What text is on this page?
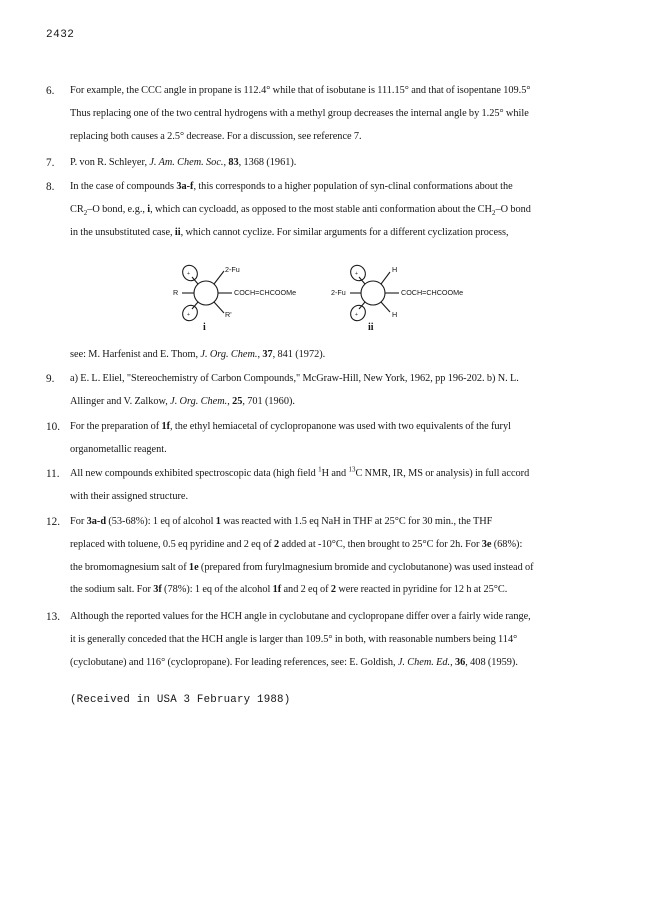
2432
6.	For example, the CCC angle in propane is 112.4° while that of isobutane is 111.15° and that of isopentane 109.5°
Thus replacing one of the two central hydrogens with a methyl group decreases the internal angle by 1.25° while
replacing both causes a 2.5° decrease. For a discussion, see reference 7.
7.	P. von R. Schleyer, J. Am. Chem. Soc., 83, 1368 (1961).
8.	In the case of compounds 3a-f, this corresponds to a higher population of syn-clinal conformations about the
$CR_2-O$ bond, e.g., i, which can cycloadd, as opposed to the most stable anti conformation about the $CH_2-O$ bond
in the unsubstituted case, ii, which cannot cyclize. For similar arguments for a different cyclization process,
see: M. Harfenist and E. Thom, J. Org. Chem., 37, 841 (1972).
9.	a) E. L. Eliel, "Stereochemistry of Carbon Compounds," McGraw-Hill, New York, 1962, pp 196-202. b) N. L.
Allinger and V. Zalkow, J. Org. Chem., 25, 701 (1960).
10. For the preparation of 1f, the ethyl hemiacetal of cyclopropanone was used with two equivalents of the furyl
organometallic reagent.
11.	All new compounds exhibited spectroscopic data (high field $^1$H and $^{13}$C NMR, IR, MS or analysis) in full accord
with their assigned structure.
12. For 3a-d (53-68%): 1 eq of alcohol 1 was reacted with 1.5 eq NaH in THF at 25°C for 30 min., the THF
replaced with toluene, 0.5 eq pyridine and 2 eq of 2 added at -10°C, then brought to 25°C for 2h. For 3e (68%):
the bromomagnesium salt of 1e (prepared from furylmagnesium bromide and cyclobutanone) was used instead of
the sodium salt. For 3f (78%): 1 eq of the alcohol 1f and 2 eq of 2 were reacted in pyridine for 12 h at 25°C.
13. Although the reported values for the HCH angle in cyclobutane and cyclopropane differ over a fairly wide range,
it is generally conceded that the HCH angle is larger than 109.5° in both, with reasonable numbers being 114°
(cyclobutane) and 116° (cyclopropane). For leading references, see: E. Goldish, J. Chem. Ed., 36, 408 (1959).
+
+
+
+
R
2-Fu
COCH=CHCOOMe
R'
i
2-Fu
H
COCH=CHCOOMe
H
ii
(Received in USA 3 February 1988)
